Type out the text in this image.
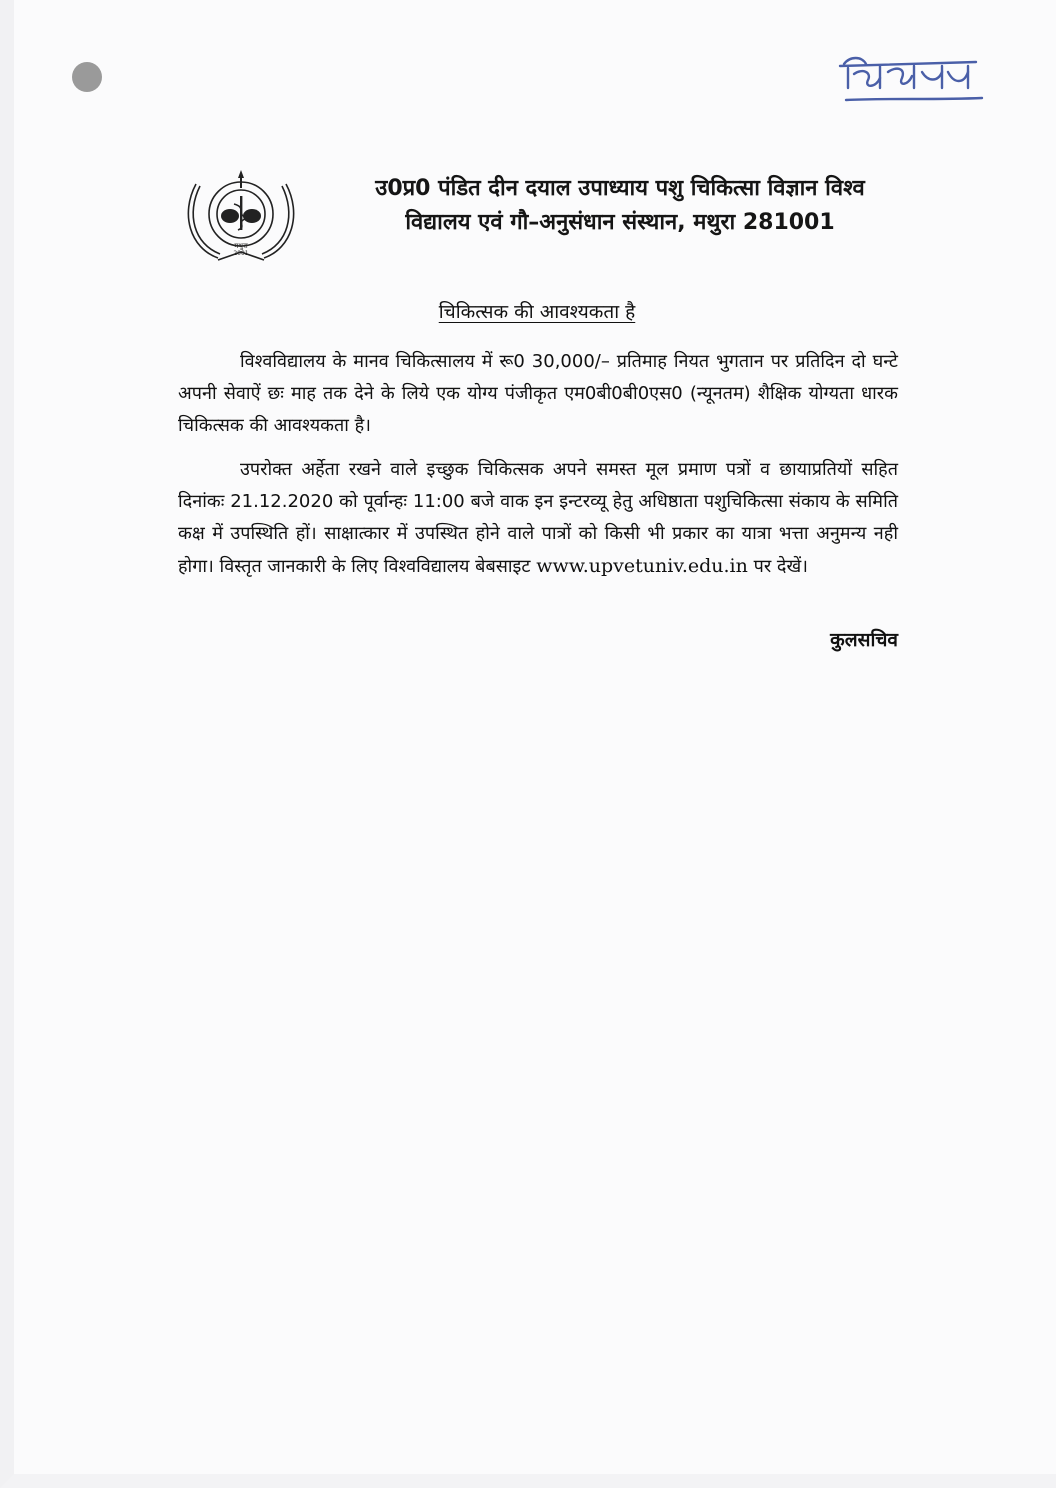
मथुरा
2001
उ0प्र0 पंडित दीन दयाल उपाध्याय पशु चिकित्सा विज्ञान विश्व
विद्यालय एवं गौ–अनुसंधान संस्थान, मथुरा 281001
चिकित्सक की आवश्यकता है

विश्वविद्यालय के मानव चिकित्सालय में रू0 30,000/– प्रतिमाह नियत भुगतान पर प्रतिदिन दो घन्टे अपनी सेवाऐं छः माह तक देने के लिये एक योग्य पंजीकृत एम0बी0बी0एस0 (न्यूनतम) शैक्षिक योग्यता धारक चिकित्सक की आवश्यकता है।

उपरोक्त अर्हेता रखने वाले इच्छुक चिकित्सक अपने समस्त मूल प्रमाण पत्रों व छायाप्रतियों सहित दिनांकः 21.12.2020 को पूर्वान्हः 11:00 बजे वाक इन इन्टरव्यू हेतु अधिष्ठाता पशुचिकित्सा संकाय के समिति कक्ष में उपस्थिति हों। साक्षात्कार में उपस्थित होने वाले पात्रों को किसी भी प्रकार का यात्रा भत्ता अनुमन्य नही होगा। विस्तृत जानकारी के लिए विश्वविद्यालय बेबसाइट www.upvetuniv.edu.in पर देखें।

कुलसचिव
